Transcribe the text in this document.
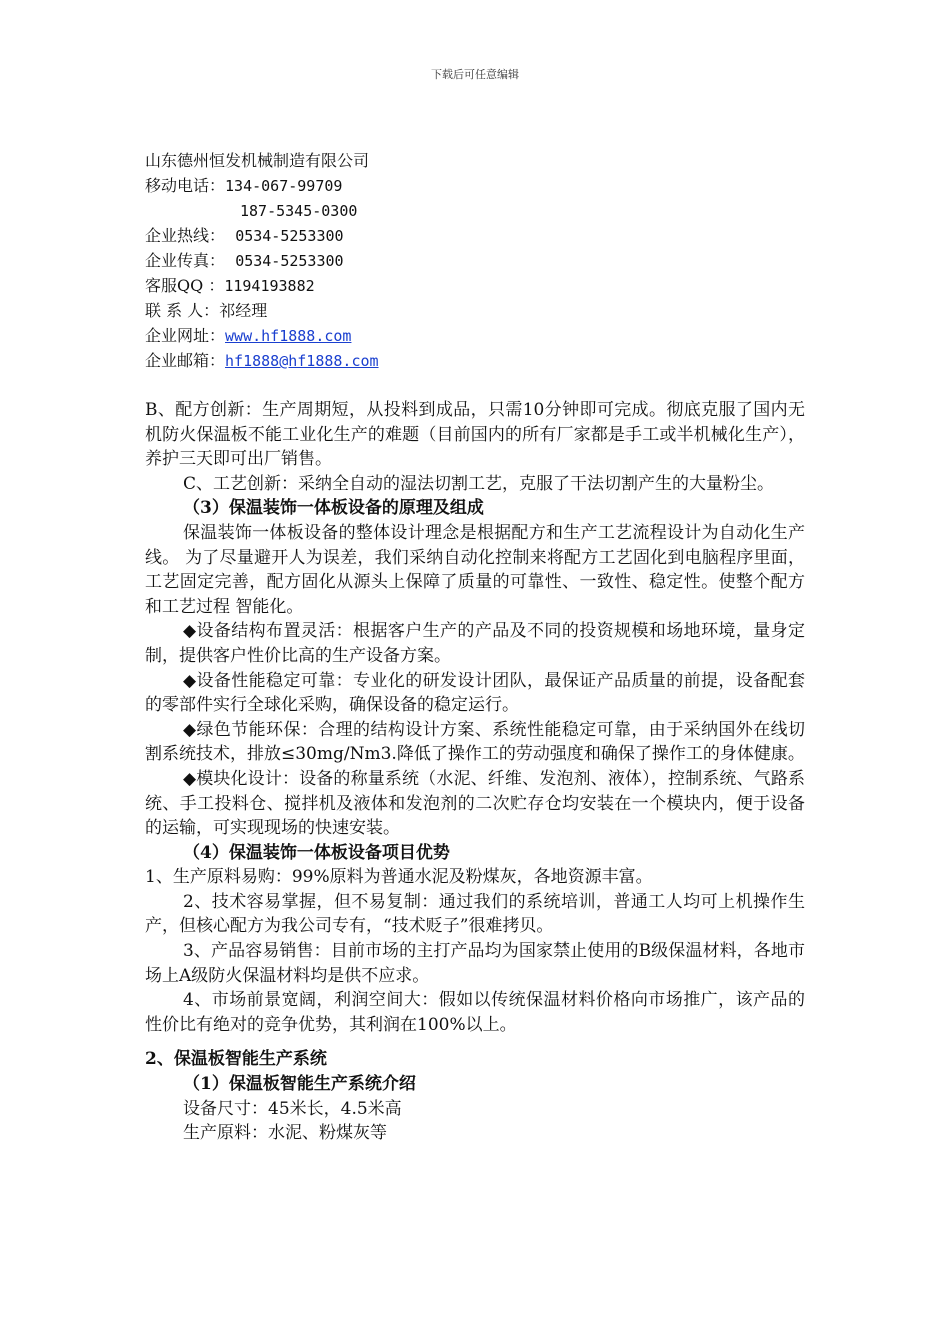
下载后可任意编辑
山东德州恒发机械制造有限公司
移动电话：134-067-99709
187-5345-0300
企业热线： 0534-5253300
企业传真： 0534-5253300
客服QQ ：1194193882
联 系 人：祁经理
企业网址：www.hf1888.com
企业邮箱：hf1888@hf1888.com

B、配方创新：生产周期短，从投料到成品，只需10分钟即可完成。彻底克服了国内无机防火保温板不能工业化生产的难题（目前国内的所有厂家都是手工或半机械化生产），养护三天即可出厂销售。

C、工艺创新：采纳全自动的湿法切割工艺，克服了干法切割产生的大量粉尘。

（3）保温装饰一体板设备的原理及组成

保温装饰一体板设备的整体设计理念是根据配方和生产工艺流程设计为自动化生产线。 为了尽量避开人为误差，我们采纳自动化控制来将配方工艺固化到电脑程序里面，工艺固定完善，配方固化从源头上保障了质量的可靠性、一致性、稳定性。使整个配方和工艺过程 智能化。

◆设备结构布置灵活：根据客户生产的产品及不同的投资规模和场地环境，量身定制，提供客户性价比高的生产设备方案。

◆设备性能稳定可靠：专业化的研发设计团队，最保证产品质量的前提，设备配套的零部件实行全球化采购，确保设备的稳定运行。

◆绿色节能环保：合理的结构设计方案、系统性能稳定可靠，由于采纳国外在线切割系统技术，排放≤30mg/Nm3.降低了操作工的劳动强度和确保了操作工的身体健康。

◆模块化设计：设备的称量系统（水泥、纤维、发泡剂、液体），控制系统、气路系统、手工投料仓、搅拌机及液体和发泡剂的二次贮存仓均安装在一个模块内，便于设备的运输，可实现现场的快速安装。

（4）保温装饰一体板设备项目优势

1、生产原料易购：99%原料为普通水泥及粉煤灰，各地资源丰富。

2、技术容易掌握，但不易复制：通过我们的系统培训，普通工人均可上机操作生产，但核心配方为我公司专有，“技术贬子”很难拷贝。

3、产品容易销售：目前市场的主打产品均为国家禁止使用的B级保温材料，各地市场上A级防火保温材料均是供不应求。

4、市场前景宽阔，利润空间大：假如以传统保温材料价格向市场推广，该产品的性价比有绝对的竞争优势，其利润在100%以上。

2、保温板智能生产系统

（1）保温板智能生产系统介绍

设备尺寸：45米长，4.5米高

生产原料：水泥、粉煤灰等
